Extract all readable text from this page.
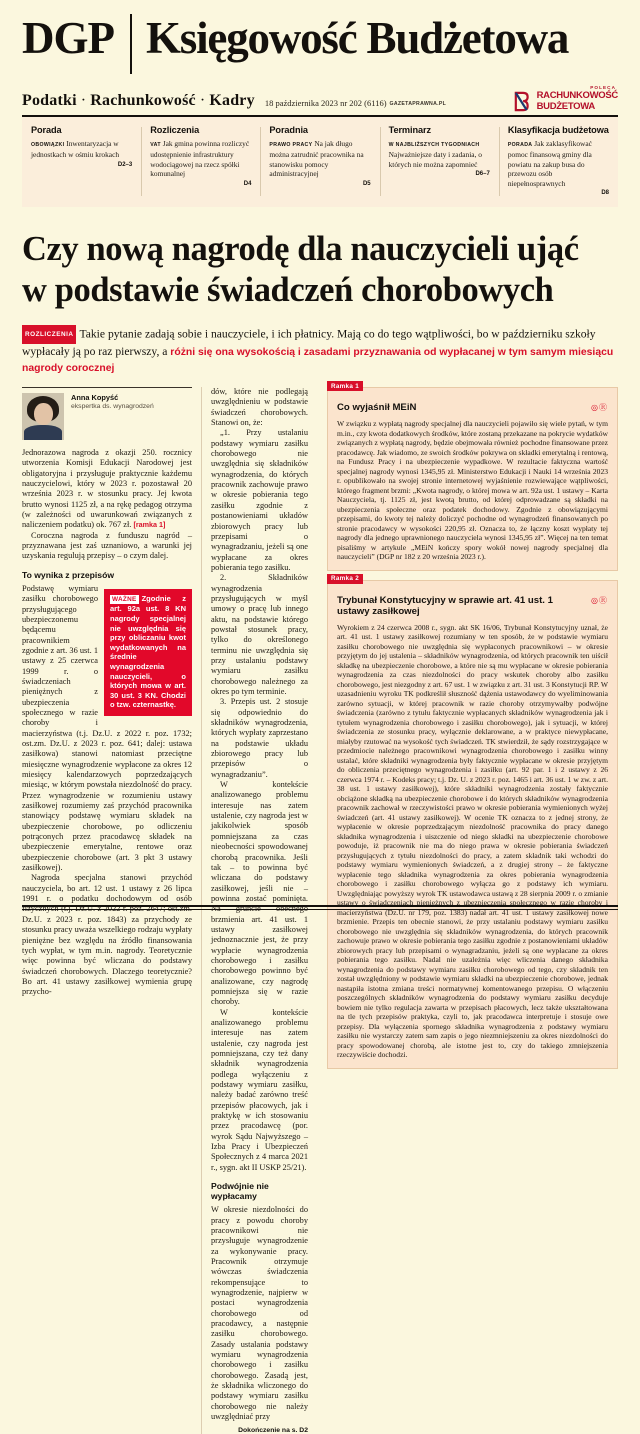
DGP Księgowość Budżetowa
Podatki · Rachunkowość · Kadry 18 października 2023 nr 202 (6116) GAZETAPRAWNA.PL
POLECA
RACHUNKOWOŚĆ
BUDŻETOWA
Porada
OBOWIĄZKI Inwentaryzacja w jednostkach w ośmiu krokach
D2–3
Rozliczenia
VAT Jak gmina powinna rozliczyć udostępnienie infrastruktury wodociągowej na rzecz spółki komunalnej
D4
Poradnia
PRAWO PRACY Na jak długo można zatrudnić pracownika na stanowisku pomocy administracyjnej
D5
Terminarz
W NAJBLIŻSZYCH TYGODNIACH Najważniejsze daty i zadania, o których nie można zapomnieć
D6–7
Klasyfikacja budżetowa
PORADA Jak zaklasyfikować pomoc finansową gminy dla powiatu na zakup busa do przewozu osób niepełnosprawnych
D8
Czy nową nagrodę dla nauczycieli ująć
w podstawie świadczeń chorobowych
ROZLICZENIA Takie pytanie zadają sobie i nauczyciele, i ich płatnicy. Mają co do tego wątpliwości, bo w październiku szkoły wypłacały ją po raz pierwszy, a różni się ona wysokością i zasadami przyznawania od wypłacanej w tym samym miesiącu nagrody corocznej
Anna Kopyść
ekspertka ds. wynagrodzeń

Jednorazowa nagroda z okazji 250. rocznicy utworzenia Komisji Edukacji Narodowej jest obligatoryjna i przysługuje praktycznie każdemu nauczycielowi, który w 2023 r. pozostawał 20 września 2023 r. w stosunku pracy. Jej kwota brutto wynosi 1125 zł, a na rękę pedagog otrzyma (w zależności od uwarunkowań związanych z naliczeniem podatku) ok. 767 zł. [ramka 1]

Coroczna nagroda z funduszu nagród – przyznawana jest zaś uznaniowo, a warunki jej uzyskania regulują przepisy – o czym dalej.

To wynika z przepisów

WAŻNE Zgodnie z art. 92a ust. 8 KN nagrody specjalnej nie uwzględnia się przy obliczaniu kwot wydatkowanych na średnie wynagrodzenia nauczycieli, o których mowa w art. 30 ust. 3 KN. Chodzi o tzw. czternastkę.
Podstawę wymiaru zasiłku chorobowego przysługującego ubezpieczonemu będącemu pracownikiem zgodnie z art. 36 ust. 1 ustawy z 25 czerwca 1999 r. o świadczeniach pieniężnych z ubezpieczenia społecznego w razie choroby i macierzyństwa (t.j. Dz.U. z 2022 r. poz. 1732; ost.zm. Dz.U. z 2023 r. poz. 641; dalej: ustawa zasiłkowa) stanowi natomiast przeciętne miesięczne wynagrodzenie wypłacone za okres 12 miesięcy kalendarzowych poprzedzających miesiąc, w którym powstała niezdolność do pracy. Przez wynagrodzenie w rozumieniu ustawy zasiłkowej rozumiemy zaś przychód pracownika stanowiący podstawę wymiaru składek na ubezpieczenie chorobowe, po odliczeniu potrąconych przez pracodawcę składek na ubezpieczenie emerytalne, rentowe oraz ubezpieczenie chorobowe (art. 3 pkt 3 ustawy zasiłkowej).

Nagroda specjalna stanowi przychód nauczyciela, bo art. 12 ust. 1 ustawy z 26 lipca 1991 r. o podatku dochodowym od osób fizycznych (t.j. Dz.U. z 2022 r. poz. 2647; ost.zm. Dz.U. z 2023 r. poz. 1843) za przychody ze stosunku pracy uważa wszelkiego rodzaju wypłaty pieniężne bez względu na źródło finansowania tych wypłat, w tym m.in. nagrody. Teoretycznie więc powinna być wliczana do podstawy świadczeń chorobowych. Dlaczego teoretycznie? Bo art. 41 ustawy zasiłkowej wymienia grupę przycho-

dów, które nie podlegają uwzględnieniu w podstawie świadczeń chorobowych. Stanowi on, że:

„1. Przy ustalaniu podstawy wymiaru zasiłku chorobowego nie uwzględnia się składników wynagrodzenia, do których pracownik zachowuje prawo w okresie pobierania tego zasiłku zgodnie z postanowieniami układów zbiorowych pracy lub przepisami o wynagradzaniu, jeżeli są one wypłacane za okres pobierania tego zasiłku.

2. Składników wynagrodzenia przysługujących w myśl umowy o pracę lub innego aktu, na podstawie którego powstał stosunek pracy, tylko do określonego terminu nie uwzględnia się przy ustalaniu podstawy wymiaru zasiłku chorobowego należnego za okres po tym terminie.

3. Przepis ust. 2 stosuje się odpowiednio do składników wynagrodzenia, których wypłaty zaprzestano na podstawie układu zbiorowego pracy lub przepisów o wynagradzaniu”.

W kontekście analizowanego problemu interesuje nas zatem ustalenie, czy nagroda jest w jakikolwiek sposób pomniejszana za czas nieobecności spowodowanej chorobą pracownika. Jeśli tak – to powinna być wliczana do podstawy zasiłkowej, jeśli nie – powinna zostać pominięta. Na gruncie obecnego brzmienia art. 41 ust. 1 ustawy zasiłkowej jednoznacznie jest, że przy wypłacie wynagrodzenia chorobowego i zasiłku chorobowego powinno być analizowane, czy nagrodę pomniejsza się w razie choroby.

W kontekście analizowanego problemu interesuje nas zatem ustalenie, czy nagroda jest pomniejszana, czy też dany składnik wynagrodzenia podlega wyłączeniu z podstawy wymiaru zasiłku, należy badać zarówno treść przepisów płacowych, jak i praktykę w ich stosowaniu przez pracodawcę (por. wyrok Sądu Najwyższego – Izba Pracy i Ubezpieczeń Społecznych z 4 marca 2021 r., sygn. akt II USKP 25/21).

Podwójnie nie wypłacamy

W okresie niezdolności do pracy z powodu choroby pracownikowi nie przysługuje wynagrodzenie za wykonywanie pracy. Pracownik otrzymuje wówczas świadczenia rekompensujące to wynagrodzenie, najpierw w postaci wynagrodzenia chorobowego od pracodawcy, a następnie zasiłku chorobowego. Zasady ustalania podstawy wymiaru wynagrodzenia chorobowego i zasiłku chorobowego. Zasadą jest, że składnika wliczonego do podstawy wymiaru zasiłku chorobowego nie należy uwzględniać przy

Dokończenie na s. D2
Ramka 1
◎Ⓡ
Co wyjaśnił MEiN

W związku z wypłatą nagrody specjalnej dla nauczycieli pojawiło się wiele pytań, w tym m.in., czy kwota dodatkowych środków, które zostaną przekazane na pokrycie wydatków związanych z wypłatą nagrody, będzie obejmowała również pochodne finansowane przez pracodawcę. Jak wiadomo, ze swoich środków pokrywa on składki emerytalną i rentową, na Fundusz Pracy i na ubezpieczenie wypadkowe. W rezultacie faktyczna wartość specjalnej nagrody wynosi 1345,95 zł. Ministerstwo Edukacji i Nauki 14 września 2023 r. opublikowało na swojej stronie internetowej wyjaśnienie rozwiewające wątpliwości, którego fragment brzmi: „Kwota nagrody, o której mowa w art. 92a ust. 1 ustawy – Karta Nauczyciela, tj. 1125 zł, jest kwotą brutto, od której odprowadzane są składki na ubezpieczenia społeczne oraz podatek dochodowy. Zgodnie z obowiązującymi przepisami, do kwoty tej należy doliczyć pochodne od wynagrodzeń finansowanych po stronie pracodawcy w wysokości 220,95 zł. Oznacza to, że łączny koszt wypłaty tej nagrody dla jednego uprawnionego nauczyciela wynosi 1345,95 zł”. Więcej na ten temat pisaliśmy w artykule „MEiN kończy spory wokół nowej nagrody specjalnej dla nauczycieli” (DGP nr 182 z 20 września 2023 r.).

Ramka 2
◎Ⓡ
Trybunał Konstytucyjny w sprawie art. 41 ust. 1 ustawy zasiłkowej

Wyrokiem z 24 czerwca 2008 r., sygn. akt SK 16/06, Trybunał Konstytucyjny uznał, że art. 41 ust. 1 ustawy zasiłkowej rozumiany w ten sposób, że w podstawie wymiaru zasiłku chorobowego nie uwzględnia się wypłaconych pracownikowi – w okresie przyjętym do jej ustalenia – składników wynagrodzenia, od których pracownik ten uiścił składkę na ubezpieczenie chorobowe, a które nie są mu wypłacane w okresie pobierania wynagrodzenia za czas niezdolności do pracy wskutek choroby albo zasiłku chorobowego, jest niezgodny z art. 67 ust. 1 w związku z art. 31 ust. 3 Konstytucji RP. W uzasadnieniu wyroku TK podkreślił słuszność dążenia ustawodawcy do wyeliminowania zarówno sytuacji, w której pracownik w razie choroby otrzymywałby podwójne świadczenia (zarówno z tytułu faktycznie wypłacanych składników wynagrodzenia jak i tytułem wynagrodzenia chorobowego i zasiłku chorobowego), jak i sytuacji, w której świadczenia ze stosunku pracy, wyłącznie deklarowane, a w praktyce niewypłacane, miałyby rzutować na wysokość tych świadczeń. TK stwierdził, że sądy rozstrzygające w przedmiocie należnego pracownikowi wynagrodzenia chorobowego i zasiłku winny ustalać, które składniki wynagrodzenia były faktycznie wypłacane w okresie przyjętym do obliczenia przeciętnego wynagrodzenia i zasiłku (art. 92 par. 1 i 2 ustawy z 26 czerwca 1974 r. – Kodeks pracy; t.j. Dz. U. z 2023 r. poz. 1465 i art. 36 ust. 1 w zw. z art. 38 ust. 1 ustawy zasiłkowej), które składniki wynagrodzenia zostały faktycznie obciążone składką na ubezpieczenie chorobowe i do których składników wynagrodzenia pracownik zachował w rzeczywistości prawo w okresie pobierania wymienionych wyżej świadczeń (art. 41 ustawy zasiłkowej). W ocenie TK oznacza to z jednej strony, że wypłacenie w okresie poprzedzającym niezdolność pracownika do pracy danego składnika wynagrodzenia i uiszczenie od niego składki na ubezpieczenie chorobowe powoduje, iż pracownik nie ma do niego prawa w okresie pobierania świadczeń przysługujących z tytułu niezdolności do pracy, a zatem składnik taki wchodzi do podstawy wymiaru wymienionych świadczeń, a z drugiej strony – że faktyczne wypłacenie tego składnika wynagrodzenia za okres pobierania wynagrodzenia chorobowego i zasiłku chorobowego wyłącza go z podstawy ich wymiaru. Uwzględniając powyższy wyrok TK ustawodawca ustawą z 28 sierpnia 2009 r. o zmianie ustawy o świadczeniach pieniężnych z ubezpieczenia społecznego w razie choroby i macierzyństwa (Dz.U. nr 179, poz. 1383) nadał art. 41 ust. 1 ustawy zasiłkowej nowe brzmienie. Przepis ten obecnie stanowi, że przy ustalaniu podstawy wymiaru zasiłku chorobowego nie uwzględnia się składników wynagrodzenia, do których pracownik zachowuje prawo w okresie pobierania tego zasiłku zgodnie z postanowieniami układów zbiorowych pracy lub przepisami o wynagradzaniu, jeżeli są one wypłacane za okres pobierania tego zasiłku. Nadal nie uzależnia więc wliczenia danego składnika wynagrodzenia do podstawy wymiaru zasiłku chorobowego od tego, czy składnik ten został uwzględniony w podstawie wymiaru składki na ubezpieczenie chorobowe, jednak nastąpiła istotna zmiana treści normatywnej komentowanego przepisu. O włączeniu poszczególnych składników wynagrodzenia do podstawy wymiaru zasiłku decyduje bowiem nie tylko regulacja zawarta w przepisach płacowych, lecz także ukształtowana na tle tych przepisów praktyka, czyli to, jak pracodawca interpretuje i stosuje owe przepisy. Dla wyłączenia spornego składnika wynagrodzenia z podstawy wymiaru zasiłku nie wystarczy zatem sam zapis o jego niezmniejszeniu za okres niezdolności do pracy spowodowanej chorobą, ale istotne jest to, czy do takiego zmniejszenia rzeczywiście dochodzi.
